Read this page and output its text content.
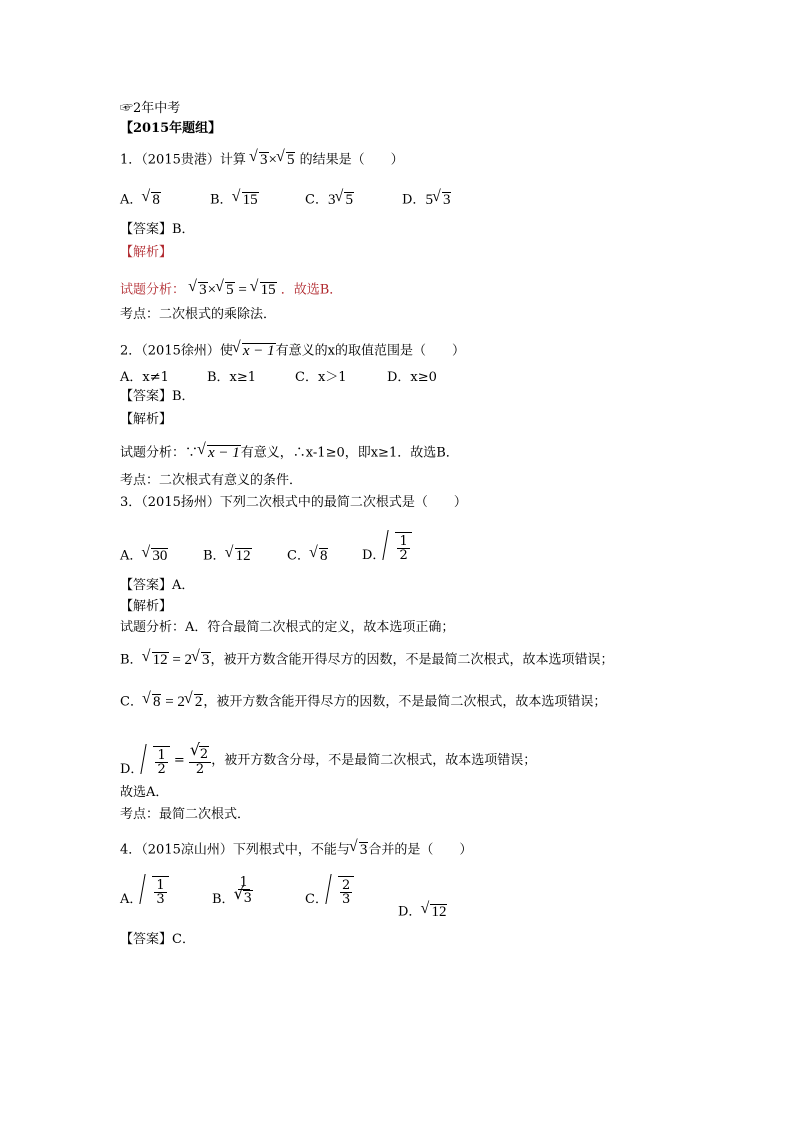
☞2年中考
【2015年题组】
1．（2015贵港）计算 √ 3× √ 5 的结果是（　　）
A． √ 8	B． √ 15	C．3 √ 5	D．5 √ 3
【答案】B．
【解析】
试题分析： √ 3× √ 5 = √ 15 ．故选B．
考点：二次根式的乘除法．
2．（2015徐州）使 √ x − 1有意义的x的取值范围是（　　）
A．x≠1	B．x≥1	C．x＞1	D．x≥0
【答案】B．
【解析】
试题分析：∵ √ x − 1有意义，∴x-1≥0，即x≥1．故选B．
考点：二次根式有意义的条件．
3．（2015扬州）下列二次根式中的最简二次根式是（　　）
A． √ 30	B． √ 12	C． √ 8	D． $\frac{1}{2}$
【答案】A．
【解析】
试题分析：A．符合最简二次根式的定义，故本选项正确；
B． √ 12 = 2 √ 3，被开方数含能开得尽方的因数，不是最简二次根式，故本选项错误；
C． √ 8 = 2 √ 2，被开方数含能开得尽方的因数，不是最简二次根式，故本选项错误；
D． $\frac{1}{2}$ = √ $\frac{2}{2}$ ，被开方数含分母，不是最简二次根式，故本选项错误；
故选A．
考点：最简二次根式．
4．（2015凉山州）下列根式中，不能与 √ 3合并的是（　　）
A． $\frac{1}{3}$	B． 1
√ 3	C． $\frac{2}{3}$
D． √ 12
【答案】C．
